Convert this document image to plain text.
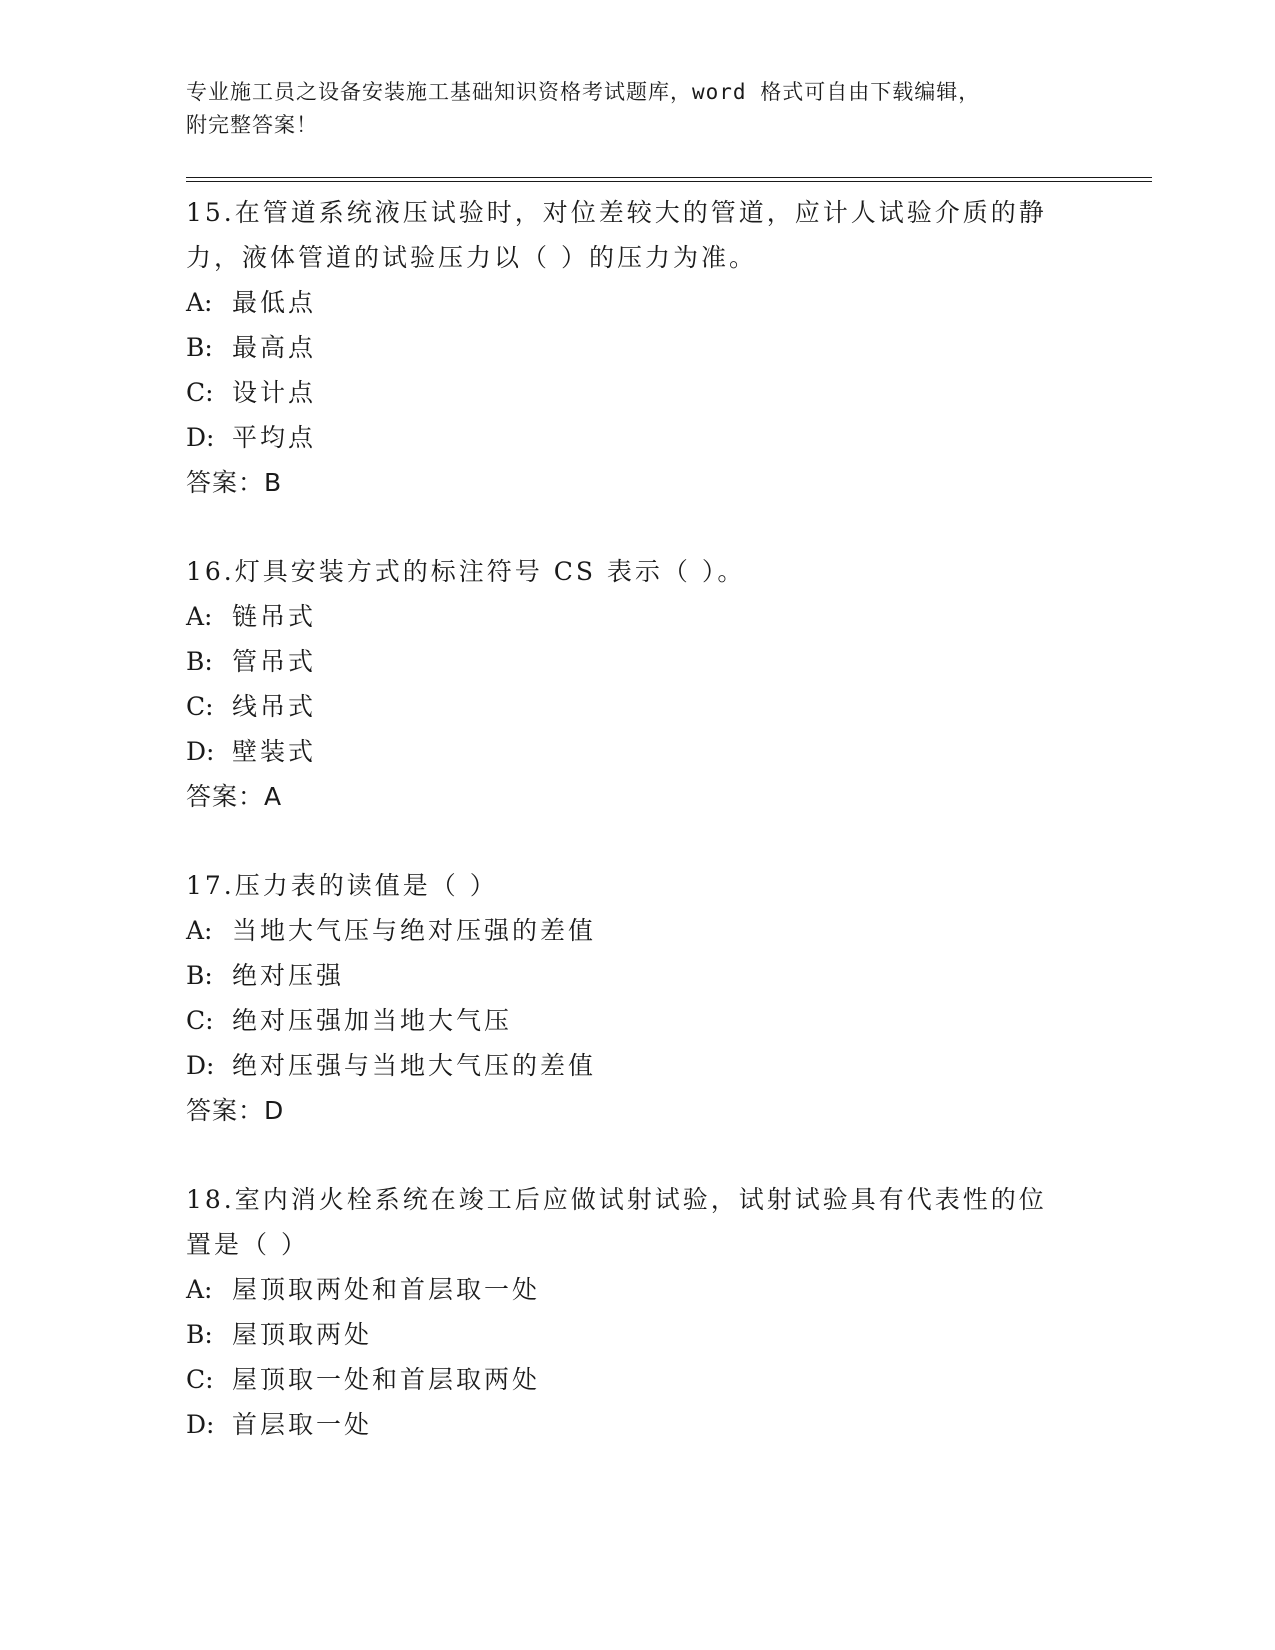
专业施工员之设备安装施工基础知识资格考试题库，word 格式可自由下载编辑，
附完整答案！

15.在管道系统液压试验时，对位差较大的管道，应计人试验介质的静

力，液体管道的试验压力以（ ）的压力为准。

A: 最低点

B: 最高点

C: 设计点

D: 平均点

答案：B

16.灯具安装方式的标注符号 CS 表示（ ）。

A: 链吊式

B: 管吊式

C: 线吊式

D: 壁装式

答案：A

17.压力表的读值是（ ）

A: 当地大气压与绝对压强的差值

B: 绝对压强

C: 绝对压强加当地大气压

D: 绝对压强与当地大气压的差值

答案：D

18.室内消火栓系统在竣工后应做试射试验，试射试验具有代表性的位

置是（ ）

A: 屋顶取两处和首层取一处

B: 屋顶取两处

C: 屋顶取一处和首层取两处

D: 首层取一处
